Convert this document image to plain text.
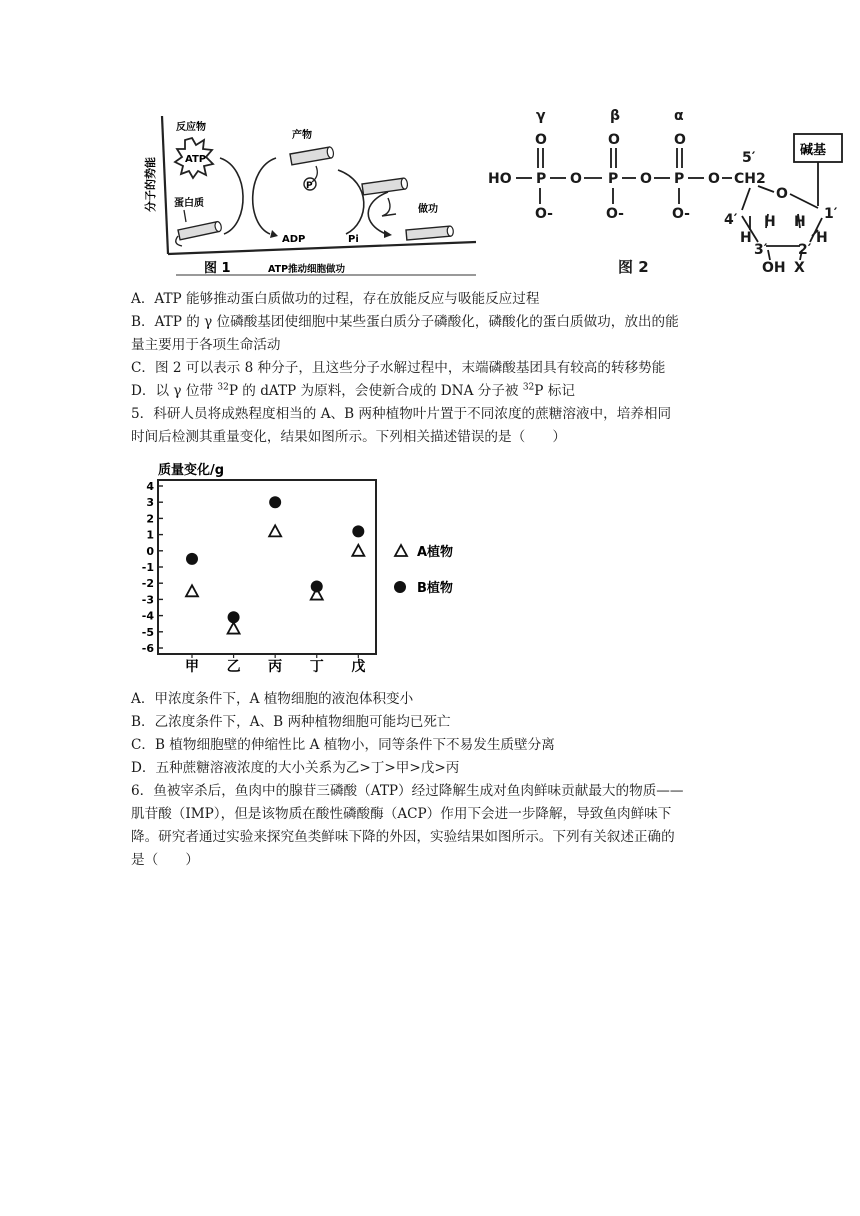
分子的势能
反应物
ATP
蛋白质
ADP
产物
P
Pi
做功
图 1	ATP推动细胞做功
γ	β	α
O	O	O
HO P O P O P O
O-	O-	O-
5′
CH2
O
4′	1′
H H
H	H
3′ 2′
OH X
图 2
碱基
A．ATP 能够推动蛋白质做功的过程，存在放能反应与吸能反应过程
B．ATP 的 γ 位磷酸基团使细胞中某些蛋白质分子磷酸化，磷酸化的蛋白质做功，放出的能
量主要用于各项生命活动
C．图 2 可以表示 8 种分子，且这些分子水解过程中，末端磷酸基团具有较高的转移势能
D．以 γ 位带 $^{32}$P 的 dATP 为原料，会使新合成的 DNA 分子被 $^{32}$P 标记
5．科研人员将成熟程度相当的 A、B 两种植物叶片置于不同浓度的蔗糖溶液中，培养相同
时间后检测其重量变化，结果如图所示。下列相关描述错误的是（　　）
质量变化/g
4
3
2
1
0
-1
-2
-3
-4
-5
-6
甲 乙 丙 丁 戊
A植物
B植物
A．甲浓度条件下，A 植物细胞的液泡体积变小
B．乙浓度条件下，A、B 两种植物细胞可能均已死亡
C．B 植物细胞壁的伸缩性比 A 植物小，同等条件下不易发生质壁分离
D．五种蔗糖溶液浓度的大小关系为乙>丁>甲>戊>丙
6．鱼被宰杀后，鱼肉中的腺苷三磷酸（ATP）经过降解生成对鱼肉鲜味贡献最大的物质——
肌苷酸（IMP），但是该物质在酸性磷酸酶（ACP）作用下会进一步降解，导致鱼肉鲜味下
降。研究者通过实验来探究鱼类鲜味下降的外因，实验结果如图所示。下列有关叙述正确的
是（　　）
